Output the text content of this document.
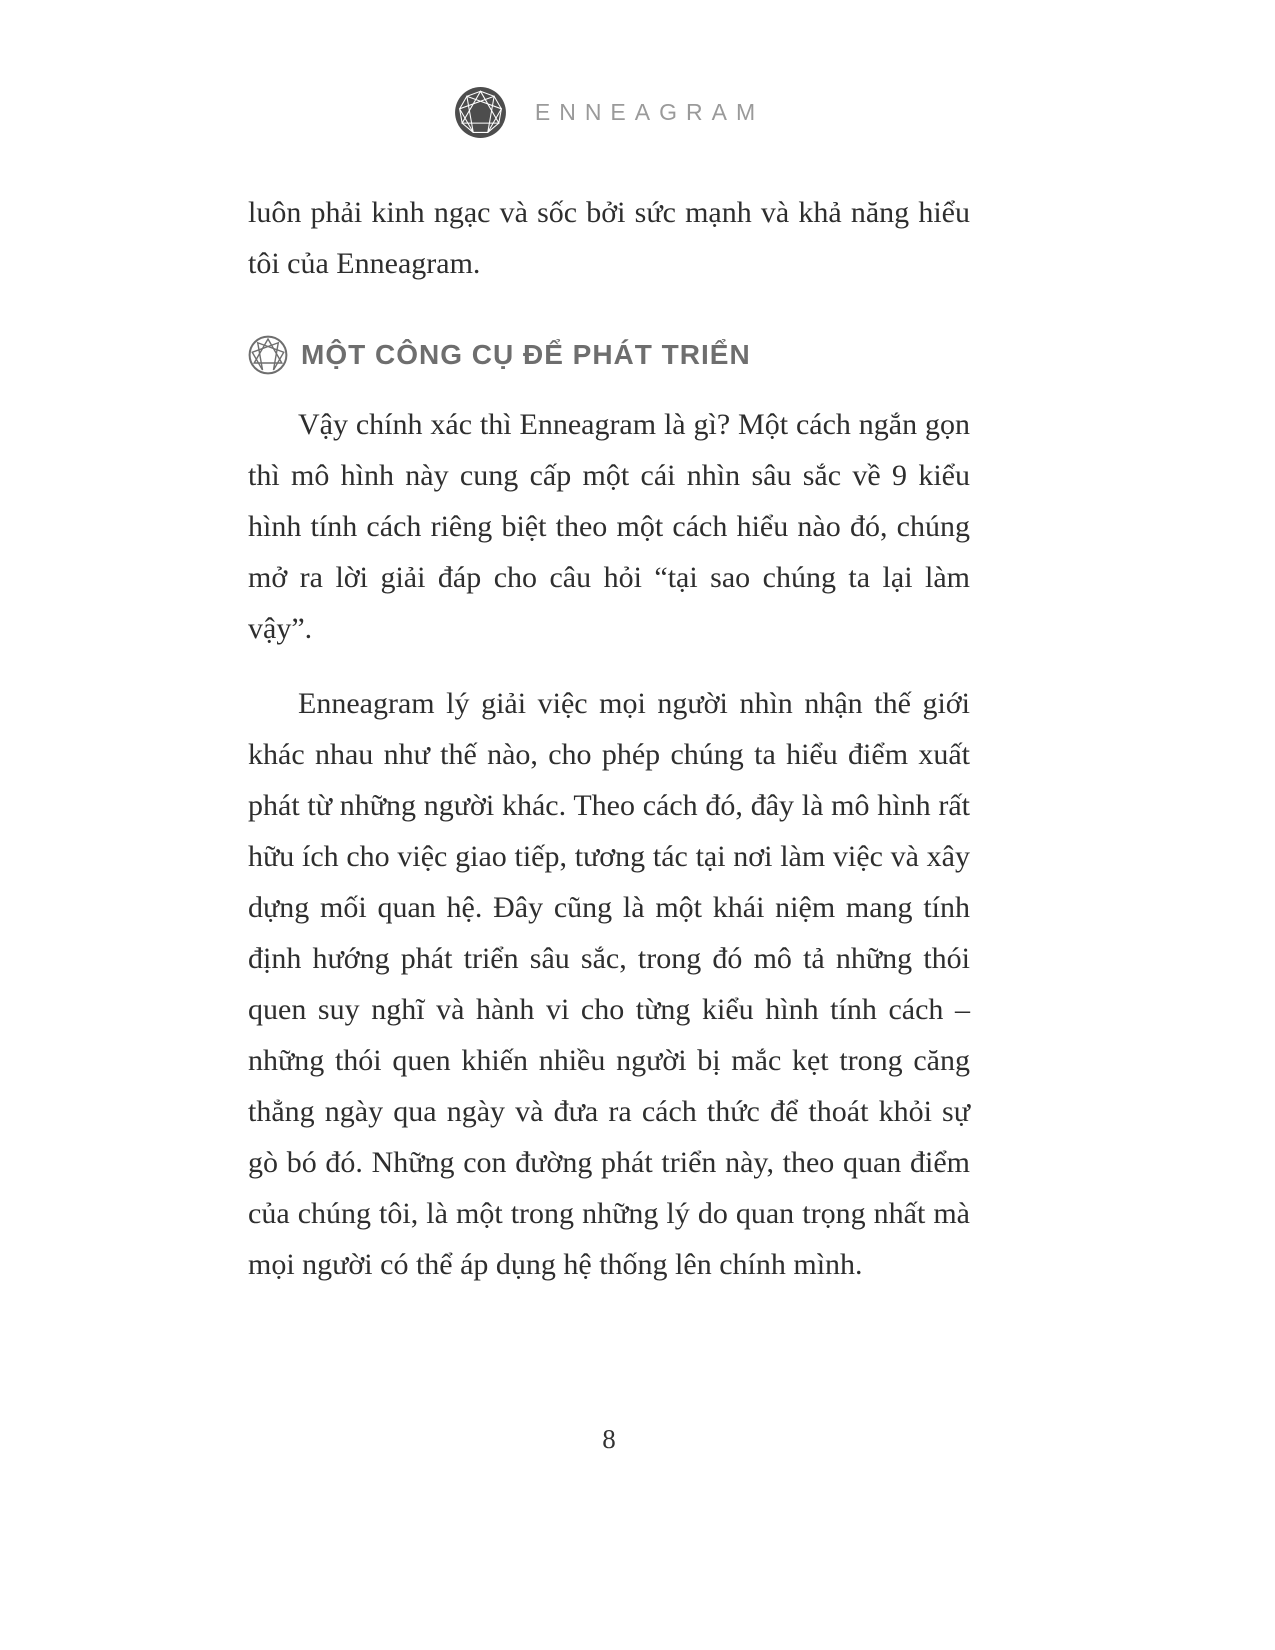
ENNEAGRAM

luôn phải kinh ngạc và sốc bởi sức mạnh và khả năng hiểu tôi của Enneagram.

MỘT CÔNG CỤ ĐỂ PHÁT TRIỂN

Vậy chính xác thì Enneagram là gì? Một cách ngắn gọn thì mô hình này cung cấp một cái nhìn sâu sắc về 9 kiểu hình tính cách riêng biệt theo một cách hiểu nào đó, chúng mở ra lời giải đáp cho câu hỏi “tại sao chúng ta lại làm vậy”.

Enneagram lý giải việc mọi người nhìn nhận thế giới khác nhau như thế nào, cho phép chúng ta hiểu điểm xuất phát từ những người khác. Theo cách đó, đây là mô hình rất hữu ích cho việc giao tiếp, tương tác tại nơi làm việc và xây dựng mối quan hệ. Đây cũng là một khái niệm mang tính định hướng phát triển sâu sắc, trong đó mô tả những thói quen suy nghĩ và hành vi cho từng kiểu hình tính cách – những thói quen khiến nhiều người bị mắc kẹt trong căng thẳng ngày qua ngày và đưa ra cách thức để thoát khỏi sự gò bó đó. Những con đường phát triển này, theo quan điểm của chúng tôi, là một trong những lý do quan trọng nhất mà mọi người có thể áp dụng hệ thống lên chính mình.

8
